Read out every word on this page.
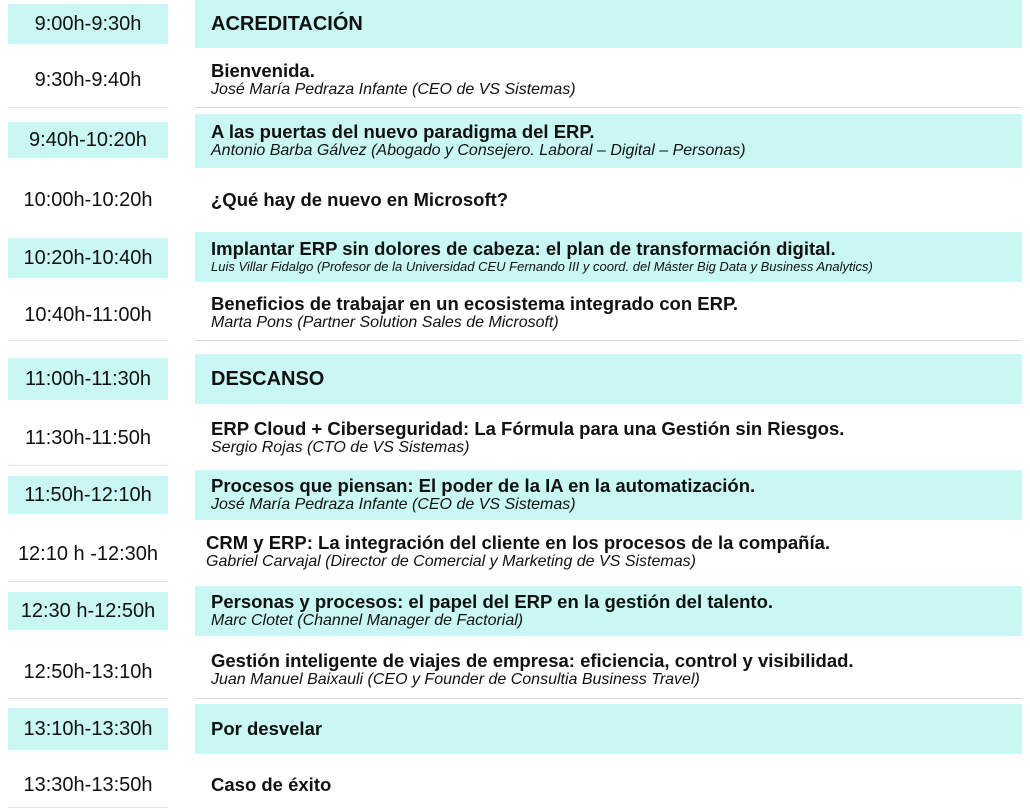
9:00h-9:30h	ACREDITACIÓN
9:30h-9:40h	Bienvenida.
José María Pedraza Infante (CEO de VS Sistemas)
9:40h-10:20h	A las puertas del nuevo paradigma del ERP.
Antonio Barba Gálvez (Abogado y Consejero. Laboral – Digital – Personas)
10:00h-10:20h	¿Qué hay de nuevo en Microsoft?
10:20h-10:40h	Implantar ERP sin dolores de cabeza: el plan de transformación digital.
Luis Villar Fidalgo (Profesor de la Universidad CEU Fernando III y coord. del Máster Big Data y Business Analytics)
10:40h-11:00h	Beneficios de trabajar en un ecosistema integrado con ERP.
Marta Pons (Partner Solution Sales de Microsoft)
11:00h-11:30h	DESCANSO
11:30h-11:50h	ERP Cloud + Ciberseguridad: La Fórmula para una Gestión sin Riesgos.
Sergio Rojas (CTO de VS Sistemas)
11:50h-12:10h	Procesos que piensan: El poder de la IA en la automatización.
José María Pedraza Infante (CEO de VS Sistemas)
12:10 h -12:30h	CRM y ERP: La integración del cliente en los procesos de la compañía.
Gabriel Carvajal (Director de Comercial y Marketing de VS Sistemas)
12:30 h-12:50h	Personas y procesos: el papel del ERP en la gestión del talento.
Marc Clotet (Channel Manager de Factorial)
12:50h-13:10h	Gestión inteligente de viajes de empresa: eficiencia, control y visibilidad.
Juan Manuel Baixauli (CEO y Founder de Consultia Business Travel)
13:10h-13:30h	Por desvelar
13:30h-13:50h	Caso de éxito
